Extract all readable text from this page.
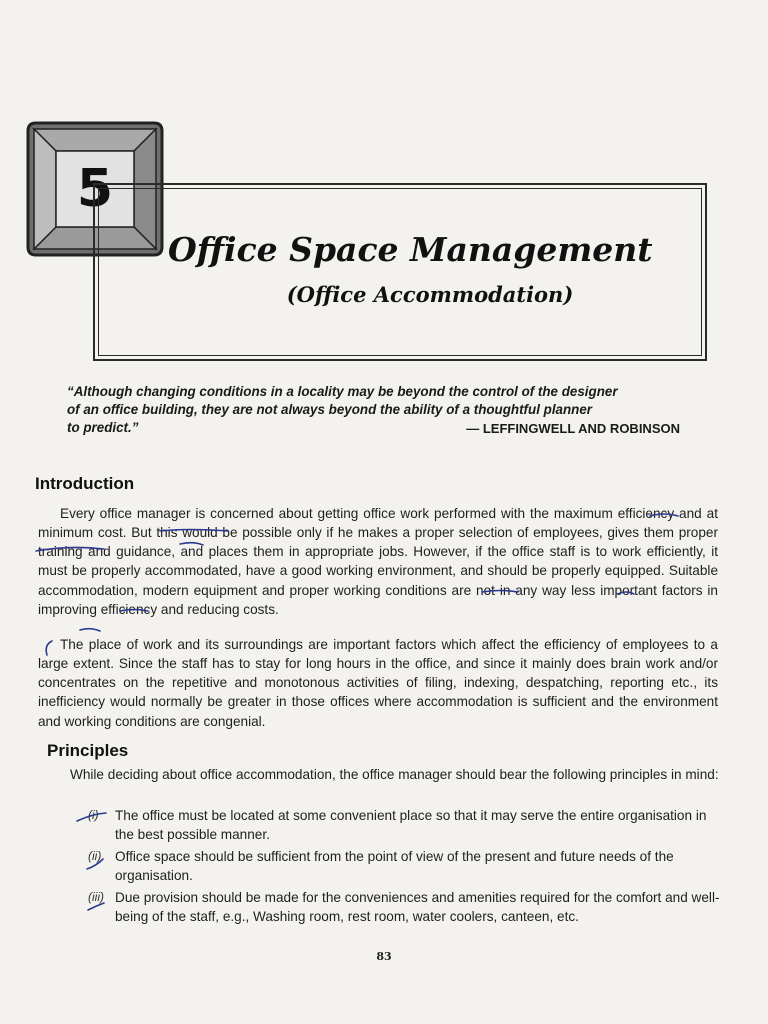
5
Office Space Management
(Office Accommodation)
“Although changing conditions in a locality may be beyond the control of the designer
of an office building, they are not always beyond the ability of a thoughtful planner
to predict.”	— LEFFINGWELL AND ROBINSON
Introduction

Every office manager is concerned about getting office work performed with the maximum efficiency and at minimum cost. But this would be possible only if he makes a proper selection of employees, gives them proper training and guidance, and places them in appropriate jobs. However, if the office staff is to work efficiently, it must be properly accommodated, have a good working environment, and should be properly equipped. Suitable accommodation, modern equipment and proper working conditions are not in any way less important factors in improving efficiency and reducing costs.

The place of work and its surroundings are important factors which affect the efficiency of employees to a large extent. Since the staff has to stay for long hours in the office, and since it mainly does brain work and/or concentrates on the repetitive and monotonous activities of filing, indexing, despatching, reporting etc., its inefficiency would normally be greater in those offices where accommodation is sufficient and the environment and working conditions are congenial.

Principles

While deciding about office accommodation, the office manager should bear the following principles in mind:

(i) The office must be located at some convenient place so that it may serve the entire organisation in the best possible manner.
(ii) Office space should be sufficient from the point of view of the present and future needs of the organisation.
(iii) Due provision should be made for the conveniences and amenities required for the comfort and well-being of the staff, e.g., Washing room, rest room, water coolers, canteen, etc.
83
